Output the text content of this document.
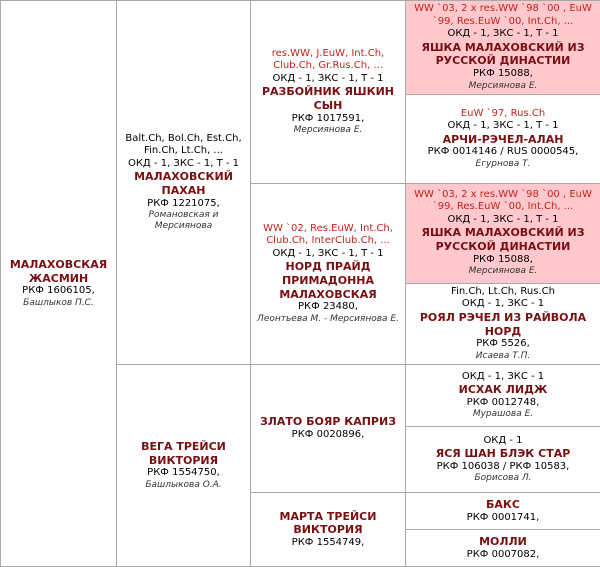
МАЛАХОВСКАЯ ЖАСМИН
РКФ 1606105,
Башлыков П.С.	Balt.Ch, Bol.Ch, Est.Ch, Fin.Ch, Lt.Ch, ...
ОКД - 1, ЗКС - 1, Т - 1
МАЛАХОВСКИЙ ПАХАН
РКФ 1221075,
Романовская и Мерсиянова	res.WW, J.EuW, Int.Ch, Club.Ch, Gr.Rus.Ch, ...
ОКД - 1, ЗКС - 1, Т - 1
РАЗБОЙНИК ЯШКИН СЫН
РКФ 1017591,
Мерсиянова Е.	WW `03, 2 x res.WW `98 `00 , EuW `99, Res.EuW `00, Int.Ch, ...
ОКД - 1, ЗКС - 1, Т - 1
ЯШКА МАЛАХОВСКИЙ ИЗ РУССКОЙ ДИНАСТИИ
РКФ 15088,
Мерсиянова Е.

			EuW `97, Rus.Ch
ОКД - 1, ЗКС - 1, Т - 1
АРЧИ-РЭЧЕЛ-АЛАН
РКФ 0014146 / RUS 0000545,
Егурнова Т.

		WW `02, Res.EuW, Int.Ch, Club.Ch, InterClub.Ch, ...
ОКД - 1, ЗКС - 1, Т - 1
НОРД ПРАЙД ПРИМАДОННА МАЛАХОВСКАЯ
РКФ 23480,
Леонтьева М. - Мерсиянова Е.	WW `03, 2 x res.WW `98 `00 , EuW `99, Res.EuW `00, Int.Ch, ...
ОКД - 1, ЗКС - 1, Т - 1
ЯШКА МАЛАХОВСКИЙ ИЗ РУССКОЙ ДИНАСТИИ
РКФ 15088,
Мерсиянова Е.

			Fin.Ch, Lt.Ch, Rus.Ch
ОКД - 1, ЗКС - 1
РОЯЛ РЭЧЕЛ ИЗ РАЙВОЛА НОРД
РКФ 5526,
Исаева Т.П.

	ВЕГА ТРЕЙСИ ВИКТОРИЯ
РКФ 1554750,
Башлыкова О.А.	ЗЛАТО БОЯР КАПРИЗ
РКФ 0020896,	ОКД - 1, ЗКС - 1
ИСХАК ЛИДЖ
РКФ 0012748,
Мурашова Е.

			ОКД - 1
ЯСЯ ШАН БЛЭК СТАР
РКФ 106038 / РКФ 10583,
Борисова Л.

		МАРТА ТРЕЙСИ ВИКТОРИЯ
РКФ 1554749,	БАКС
РКФ 0001741,

			МОЛЛИ
РКФ 0007082,
